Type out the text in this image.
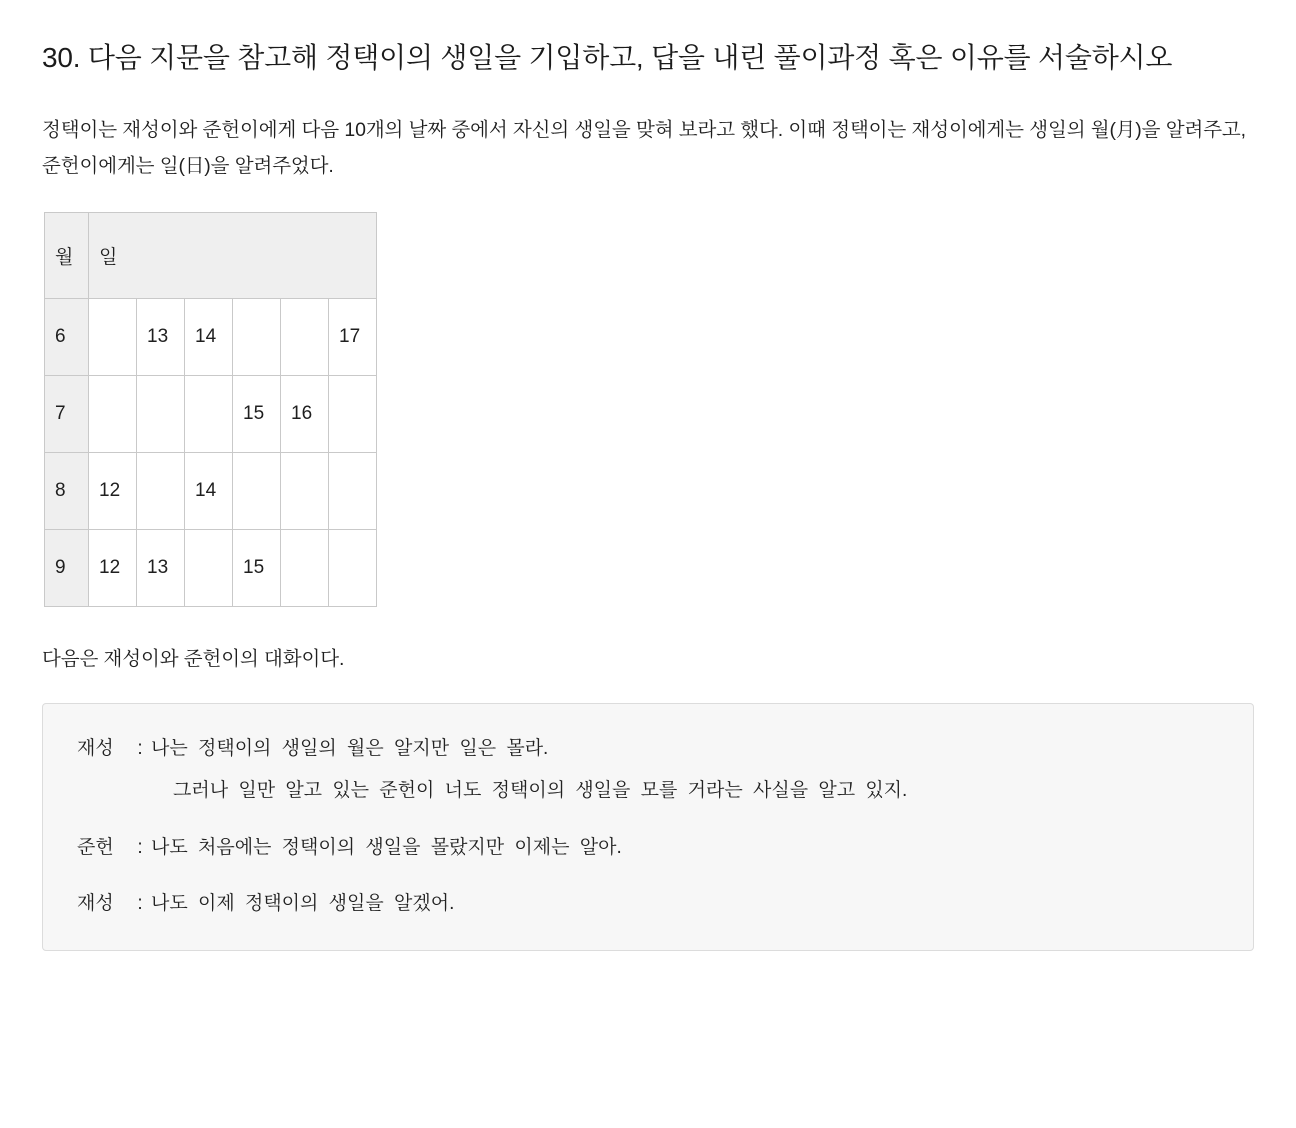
30. 다음 지문을 참고해 정택이의 생일을 기입하고, 답을 내린 풀이과정 혹은 이유를 서술하시오

정택이는 재성이와 준헌이에게 다음 10개의 날짜 중에서 자신의 생일을 맞혀 보라고 했다. 이때 정택이는 재성이에게는 생일의 월(月)을 알려주고, 준헌이에게는 일(日)을 알려주었다.

월	일					
6		13	14			17
7				15	16	
8	12		14			
9	12	13		15		

다음은 재성이와 준헌이의 대화이다.

재성 : 나는 정택이의 생일의 월은 알지만 일은 몰라.
그러나 일만 알고 있는 준헌이 너도 정택이의 생일을 모를 거라는 사실을 알고 있지.
준헌 : 나도 처음에는 정택이의 생일을 몰랐지만 이제는 알아.
재성 : 나도 이제 정택이의 생일을 알겠어.
